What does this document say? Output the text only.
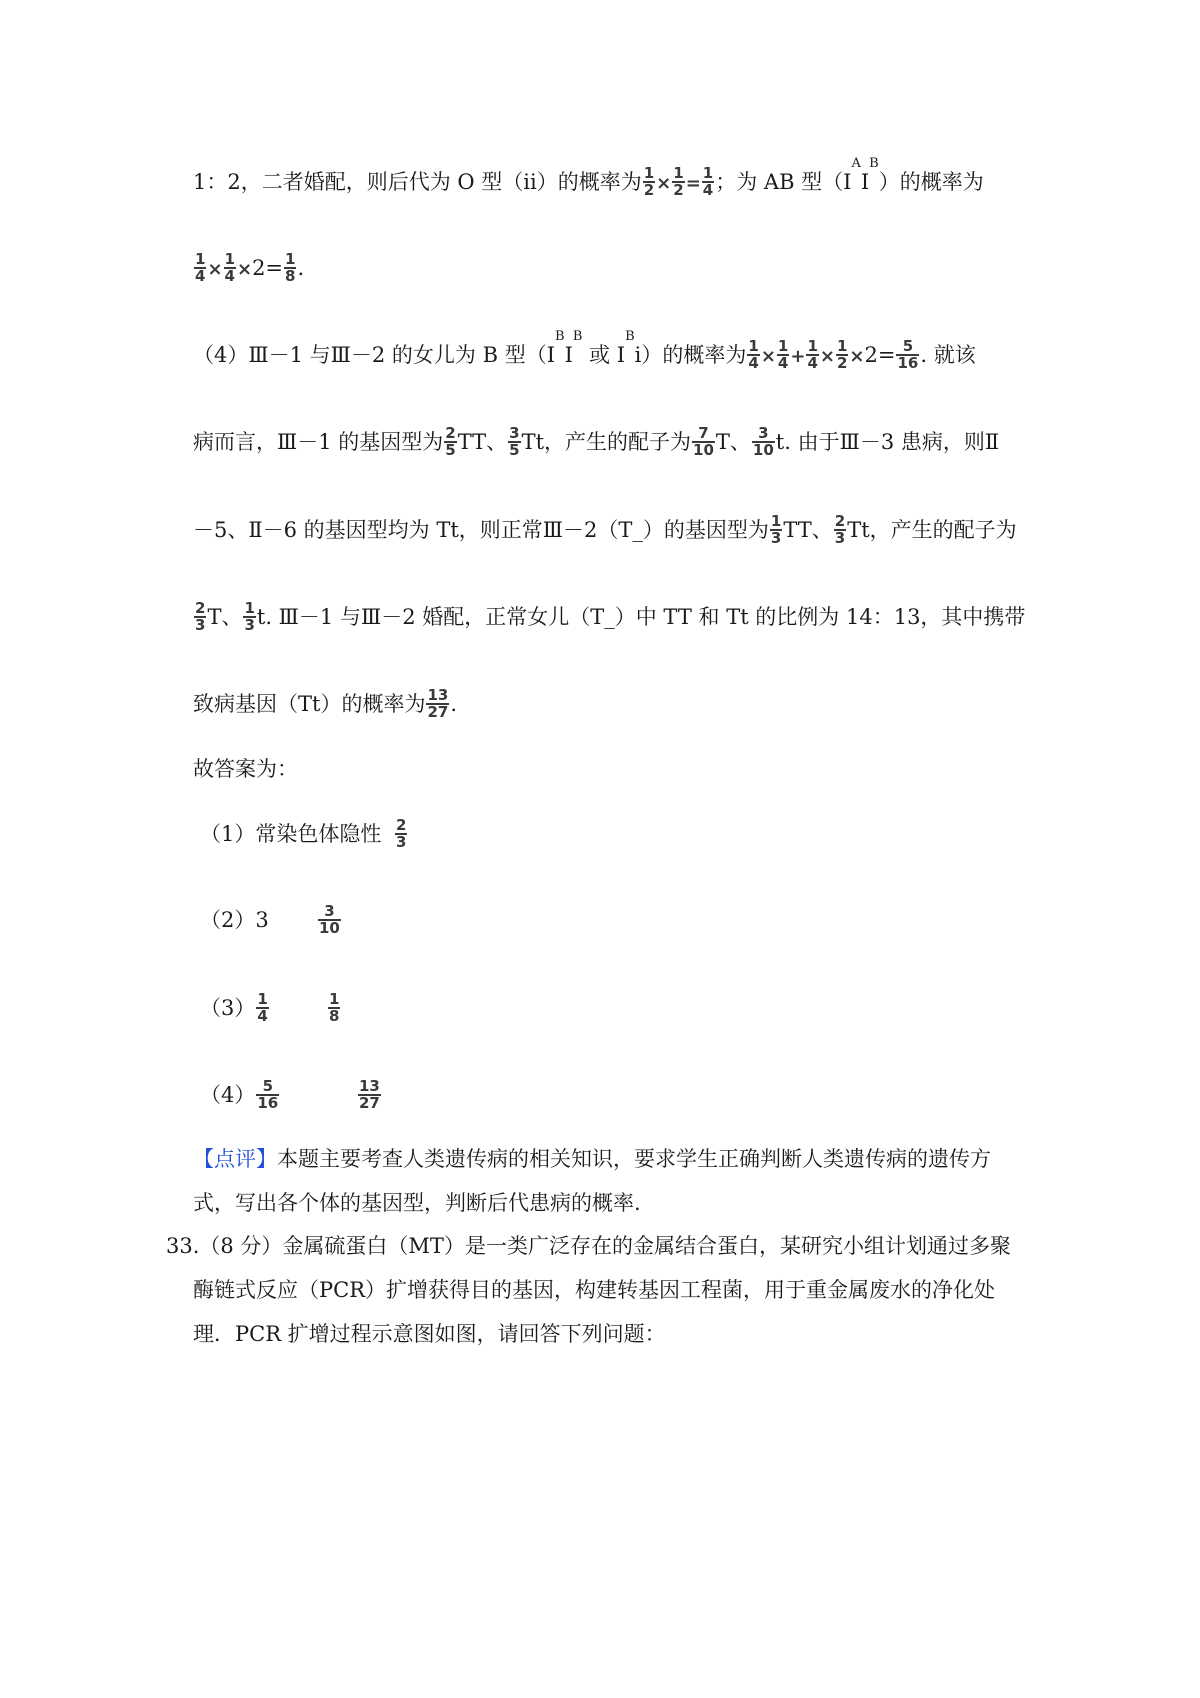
1：2，二者婚配，则后代为 O 型（ii）的概率为 $\frac{1}{2} \times \frac{1}{2} = \frac{1}{4}$ ；为 AB 型$(I^AI^B)$的概率为
$\frac{1}{4} \times \frac{1}{4} \times 2= \frac{1}{8}$ .
（4）Ⅲ－1 与Ⅲ－2 的女儿为 B 型（$I^BI^B$ 或 $I^Bi$）的概率为 $\frac{1}{4} \times \frac{1}{4} + \frac{1}{4} \times \frac{1}{2} \times 2= \frac{5}{16}$ . 就该
病而言，Ⅲ－1 的基因型为 $\frac{2}{5}$ TT、 $\frac{3}{5}$ Tt，产生的配子为 $\frac{7}{10}$ T、 $\frac{3}{10} t$. 由于Ⅲ－3 患病，则Ⅱ
－5、Ⅱ－6 的基因型均为 Tt，则正常Ⅲ－2（T_）的基因型为 $\frac{1}{3}$ TT、 $\frac{2}{3}$ Tt，产生的配子为
$\frac{2}{3}$ T、 $\frac{1}{3} t$. Ⅲ－1 与Ⅲ－2 婚配，正常女儿（T_）中 TT 和 Tt 的比例为 14：13，其中携带
致病基因（Tt）的概率为 $\frac{13}{27}$ .
故答案为：
（1）常染色体隐性 $\frac{2}{3}$
（2）3	$\frac{3}{10}$
$(3) \frac{1}{4}$	$\frac{1}{8}$
$(4) \frac{5}{16}$	$\frac{13}{27}$
【点评】本题主要考查人类遗传病的相关知识，要求学生正确判断人类遗传病的遗传方
式，写出各个体的基因型，判断后代患病的概率.
33.（8 分）金属硫蛋白（MT）是一类广泛存在的金属结合蛋白，某研究小组计划通过多聚
酶链式反应（PCR）扩增获得目的基因，构建转基因工程菌，用于重金属废水的净化处
理．PCR 扩增过程示意图如图，请回答下列问题：
